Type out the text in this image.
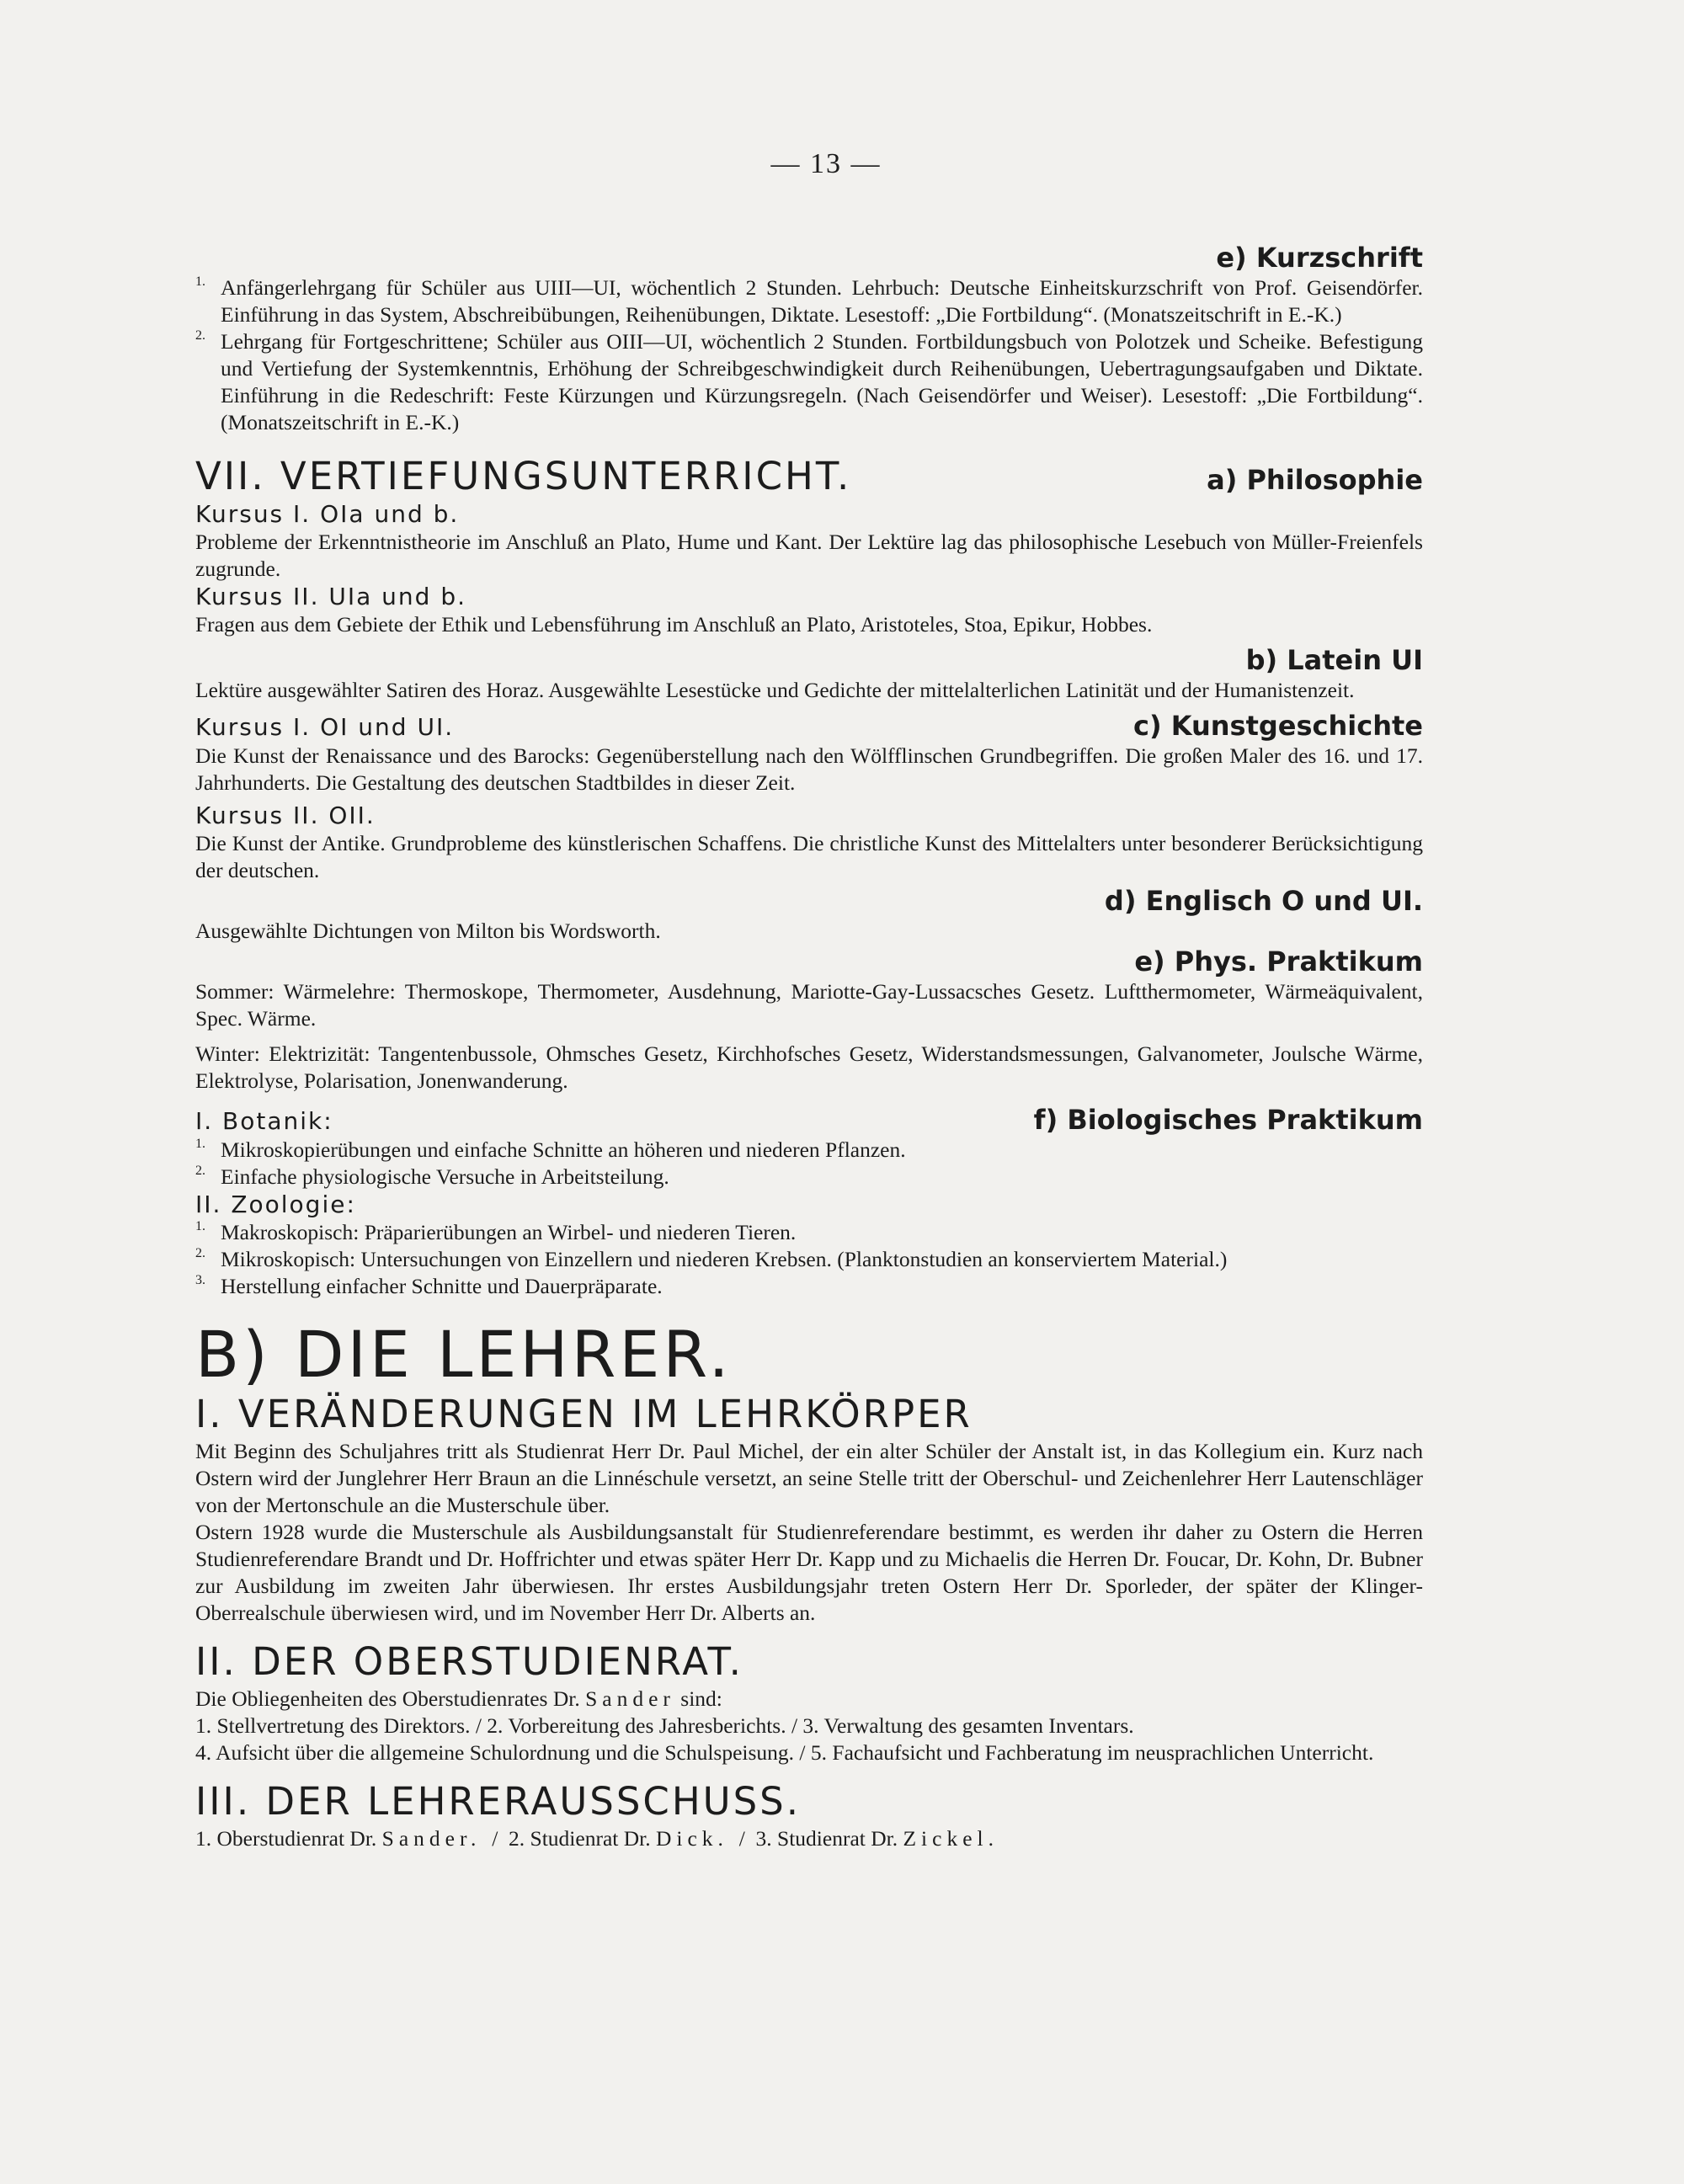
— 13 —
e) Kurzschrift
1. Anfängerlehrgang für Schüler aus UIII—UI, wöchentlich 2 Stunden. Lehrbuch: Deutsche Einheitskurzschrift von Prof. Geisendörfer. Einführung in das System, Abschreibübungen, Reihenübungen, Diktate. Lesestoff: „Die Fortbildung“. (Monatszeitschrift in E.-K.)

2. Lehrgang für Fortgeschrittene; Schüler aus OIII—UI, wöchentlich 2 Stunden. Fortbildungsbuch von Polotzek und Scheike. Befestigung und Vertiefung der Systemkenntnis, Erhöhung der Schreibgeschwindigkeit durch Reihenübungen, Uebertragungsaufgaben und Diktate. Einführung in die Redeschrift: Feste Kürzungen und Kürzungsregeln. (Nach Geisendörfer und Weiser). Lesestoff: „Die Fortbildung“. (Monatszeitschrift in E.-K.)

VII. VERTIEFUNGSUNTERRICHT.	a) Philosophie
Kursus I. OIa und b.

Probleme der Erkenntnistheorie im Anschluß an Plato, Hume und Kant. Der Lektüre lag das philosophische Lesebuch von Müller-Freienfels zugrunde.

Kursus II. UIa und b.

Fragen aus dem Gebiete der Ethik und Lebensführung im Anschluß an Plato, Aristoteles, Stoa, Epikur, Hobbes.

b) Latein UI

Lektüre ausgewählter Satiren des Horaz. Ausgewählte Lesestücke und Gedichte der mittelalterlichen Latinität und der Humanistenzeit.

Kursus I. OI und UI.	c) Kunstgeschichte

Die Kunst der Renaissance und des Barocks: Gegenüberstellung nach den Wölfflinschen Grundbegriffen. Die großen Maler des 16. und 17. Jahrhunderts. Die Gestaltung des deutschen Stadtbildes in dieser Zeit.

Kursus II. OII.

Die Kunst der Antike. Grundprobleme des künstlerischen Schaffens. Die christliche Kunst des Mittelalters unter besonderer Berücksichtigung der deutschen.

d) Englisch O und UI.

Ausgewählte Dichtungen von Milton bis Wordsworth.

e) Phys. Praktikum

Sommer: Wärmelehre: Thermoskope, Thermometer, Ausdehnung, Mariotte-Gay-Lussacsches Gesetz. Luftthermometer, Wärmeäquivalent, Spec. Wärme.

Winter: Elektrizität: Tangentenbussole, Ohmsches Gesetz, Kirchhofsches Gesetz, Widerstandsmessungen, Galvanometer, Joulsche Wärme, Elektrolyse, Polarisation, Jonenwanderung.

I. Botanik:	f) Biologisches Praktikum
1. Mikroskopierübungen und einfache Schnitte an höheren und niederen Pflanzen.

2. Einfache physiologische Versuche in Arbeitsteilung.

II. Zoologie:
1. Makroskopisch: Präparierübungen an Wirbel- und niederen Tieren.

2. Mikroskopisch: Untersuchungen von Einzellern und niederen Krebsen. (Planktonstudien an konserviertem Material.)

3. Herstellung einfacher Schnitte und Dauerpräparate.

B) DIE LEHRER.
I. VERÄNDERUNGEN IM LEHRKÖRPER

Mit Beginn des Schuljahres tritt als Studienrat Herr Dr. Paul Michel, der ein alter Schüler der Anstalt ist, in das Kollegium ein. Kurz nach Ostern wird der Junglehrer Herr Braun an die Linnéschule versetzt, an seine Stelle tritt der Oberschul- und Zeichenlehrer Herr Lautenschläger von der Mertonschule an die Musterschule über.

Ostern 1928 wurde die Musterschule als Ausbildungsanstalt für Studienreferendare bestimmt, es werden ihr daher zu Ostern die Herren Studienreferendare Brandt und Dr. Hoffrichter und etwas später Herr Dr. Kapp und zu Michaelis die Herren Dr. Foucar, Dr. Kohn, Dr. Bubner zur Ausbildung im zweiten Jahr überwiesen. Ihr erstes Ausbildungsjahr treten Ostern Herr Dr. Sporleder, der später der Klinger-Oberrealschule überwiesen wird, und im November Herr Dr. Alberts an.

II. DER OBERSTUDIENRAT.

Die Obliegenheiten des Oberstudienrates Dr. Sander sind:

1. Stellvertretung des Direktors. / 2. Vorbereitung des Jahresberichts. / 3. Verwaltung des gesamten Inventars.

4. Aufsicht über die allgemeine Schulordnung und die Schulspeisung. / 5. Fachaufsicht und Fachberatung im neusprachlichen Unterricht.

III. DER LEHRERAUSSCHUSS.

1. Oberstudienrat Dr. Sander. / 2. Studienrat Dr. Dick. / 3. Studienrat Dr. Zickel.
